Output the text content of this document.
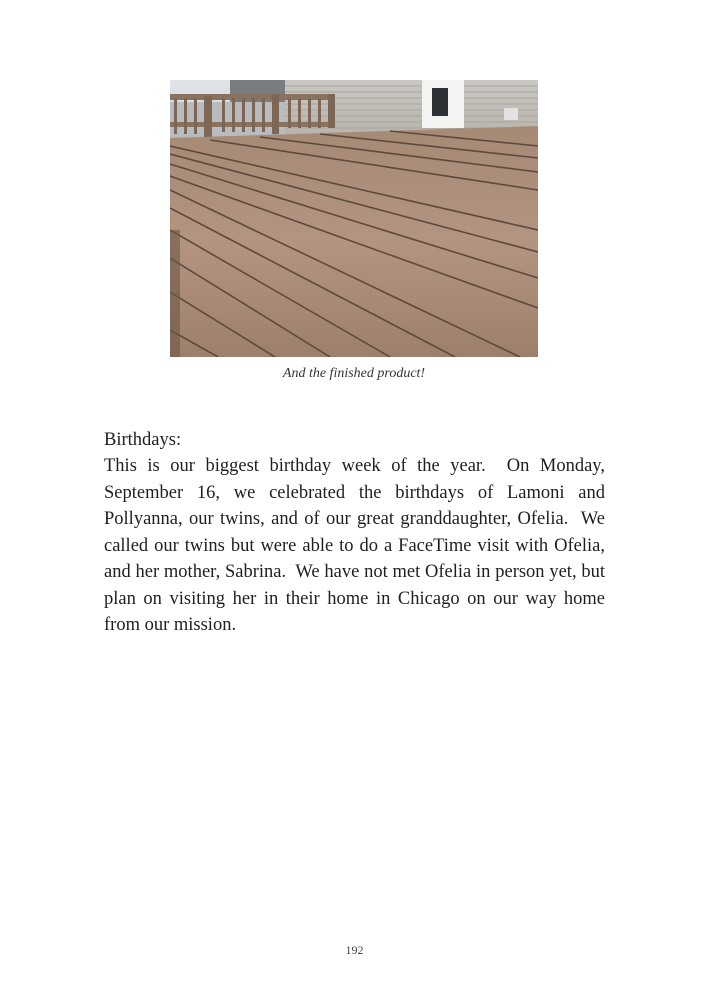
And the finished product!
Birthdays:
This is our biggest birthday week of the year.  On Monday, September 16, we celebrated the birthdays of Lamoni and Pollyanna, our twins, and of our great granddaughter, Ofelia.  We called our twins but were able to do a FaceTime visit with Ofelia, and her mother, Sabrina.  We have not met Ofelia in person yet, but plan on visiting her in their home in Chicago on our way home from our mission.
192
